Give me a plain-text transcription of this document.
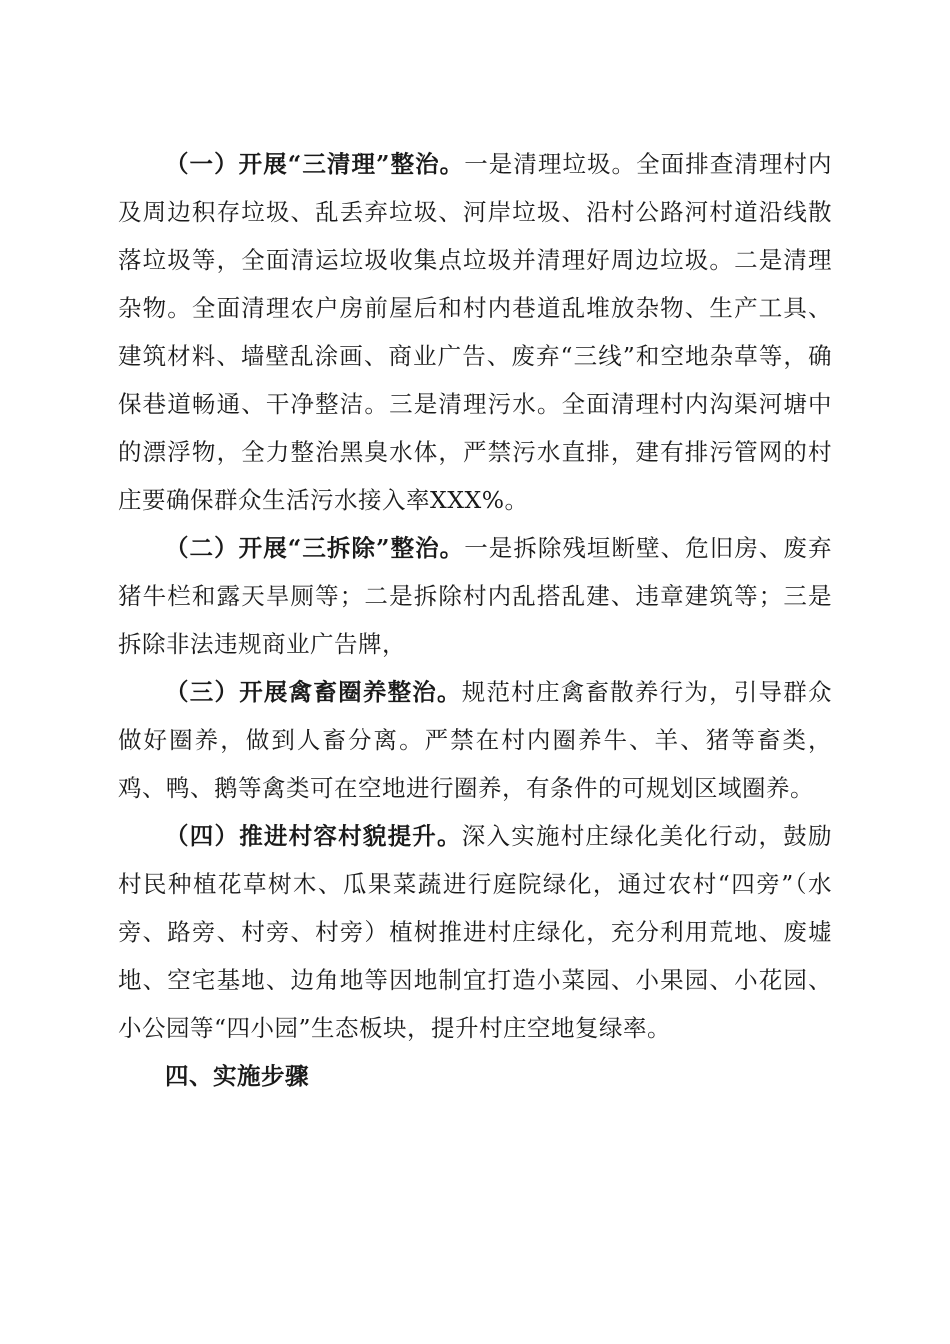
（一）开展“三清理”整治。一是清理垃圾。全面排查清理村内及周边积存垃圾、乱丢弃垃圾、河岸垃圾、沿村公路河村道沿线散落垃圾等，全面清运垃圾收集点垃圾并清理好周边垃圾。二是清理杂物。全面清理农户房前屋后和村内巷道乱堆放杂物、生产工具、建筑材料、墙壁乱涂画、商业广告、废弃“三线”和空地杂草等，确保巷道畅通、干净整洁。三是清理污水。全面清理村内沟渠河塘中的漂浮物，全力整治黑臭水体，严禁污水直排，建有排污管网的村庄要确保群众生活污水接入率XXX%。

（二）开展“三拆除”整治。一是拆除残垣断壁、危旧房、废弃猪牛栏和露天旱厕等；二是拆除村内乱搭乱建、违章建筑等；三是拆除非法违规商业广告牌，

（三）开展禽畜圈养整治。规范村庄禽畜散养行为，引导群众做好圈养，做到人畜分离。严禁在村内圈养牛、羊、猪等畜类，鸡、鸭、鹅等禽类可在空地进行圈养，有条件的可规划区域圈养。

（四）推进村容村貌提升。深入实施村庄绿化美化行动，鼓励村民种植花草树木、瓜果菜蔬进行庭院绿化，通过农村“四旁”（水旁、路旁、村旁、村旁）植树推进村庄绿化，充分利用荒地、废墟地、空宅基地、边角地等因地制宜打造小菜园、小果园、小花园、小公园等“四小园”生态板块，提升村庄空地复绿率。

四、实施步骤
